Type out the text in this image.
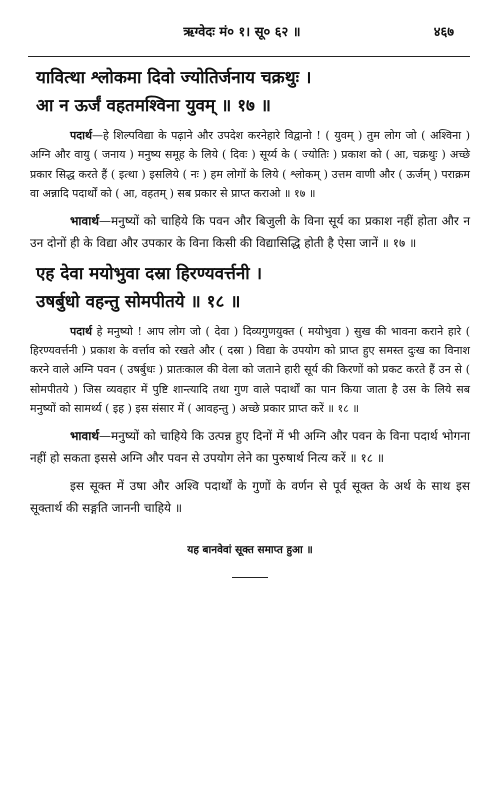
ऋग्वेदः मं० १। सू० ६२ ॥	४६७

यावित्था श्लोकमा दिवो ज्योतिर्जनाय चक्रथुः ।

आ न ऊर्जं वहतमश्विना युवम् ॥ १७ ॥

पदार्थ—हे शिल्पविद्या के पढ़ाने और उपदेश करनेहारे विद्वानो ! ( युवम् ) तुम लोग जो ( अश्विना ) अग्नि और वायु ( जनाय ) मनुष्य समूह के लिये ( दिवः ) सूर्य्य के ( ज्योतिः ) प्रकाश को ( आ, चक्रथुः ) अच्छे प्रकार सिद्ध करते हैं ( इत्था ) इसलिये ( नः ) हम लोगों के लिये ( श्लोकम् ) उत्तम वाणी और ( ऊर्जम् ) पराक्रम वा अन्नादि पदार्थों को ( आ, वहतम् ) सब प्रकार से प्राप्त कराओ ॥ १७ ॥

भावार्थ—मनुष्यों को चाहिये कि पवन और बिजुली के विना सूर्य का प्रकाश नहीं होता और न उन दोनों ही के विद्या और उपकार के विना किसी की विद्यासिद्धि होती है ऐसा जानें ॥ १७ ॥

एह देवा मयोभुवा दस्रा हिरण्यवर्त्तनी ।

उषर्बुधो वहन्तु सोमपीतये ॥ १८ ॥

पदार्थ हे मनुष्यो ! आप लोग जो ( देवा ) दिव्यगुणयुक्त ( मयोभुवा ) सुख की भावना कराने हारे ( हिरण्यवर्त्तनी ) प्रकाश के वर्त्ताव को रखते और ( दस्रा ) विद्या के उपयोग को प्राप्त हुए समस्त दुःख का विनाश करने वाले अग्नि पवन ( उषर्बुधः ) प्रातःकाल की वेला को जताने हारी सूर्य की किरणों को प्रकट करते हैं उन से ( सोमपीतये ) जिस व्यवहार में पुष्टि शान्त्यादि तथा गुण वाले पदार्थों का पान किया जाता है उस के लिये सब मनुष्यों को सामर्थ्य ( इह ) इस संसार में ( आवहन्तु ) अच्छे प्रकार प्राप्त करें ॥ १८ ॥

भावार्थ—मनुष्यों को चाहिये कि उत्पन्न हुए दिनों में भी अग्नि और पवन के विना पदार्थ भोगना नहीं हो सकता इससे अग्नि और पवन से उपयोग लेने का पुरुषार्थ नित्य करें ॥ १८ ॥

इस सूक्त में उषा और अश्वि पदार्थों के गुणों के वर्णन से पूर्व सूक्त के अर्थ के साथ इस सूक्तार्थ की सङ्गति जाननी चाहिये ॥

यह बानवेवां सूक्त समाप्त हुआ ॥
